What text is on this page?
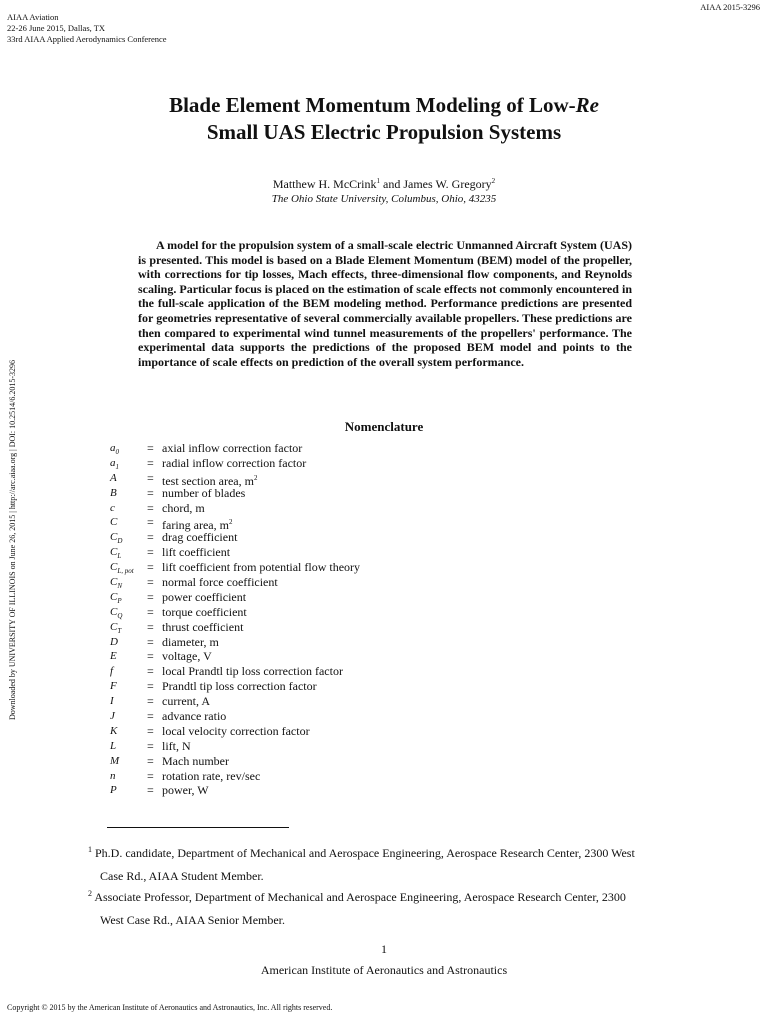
AIAA Aviation
22-26 June 2015, Dallas, TX
33rd AIAA Applied Aerodynamics Conference
AIAA 2015-3296
Downloaded by UNIVERSITY OF ILLINOIS on June 26, 2015 | http://arc.aiaa.org | DOI: 10.2514/6.2015-3296
Blade Element Momentum Modeling of Low-Re
Small UAS Electric Propulsion Systems
Matthew H. McCrink$^1$ and James W. Gregory$^2$
The Ohio State University, Columbus, Ohio, 43235
A model for the propulsion system of a small-scale electric Unmanned Aircraft System (UAS) is presented. This model is based on a Blade Element Momentum (BEM) model of the propeller, with corrections for tip losses, Mach effects, three-dimensional flow components, and Reynolds scaling. Particular focus is placed on the estimation of scale effects not commonly encountered in the full-scale application of the BEM modeling method. Performance predictions are presented for geometries representative of several commercially available propellers. These predictions are then compared to experimental wind tunnel measurements of the propellers' performance. The experimental data supports the predictions of the proposed BEM model and points to the importance of scale effects on prediction of the overall system performance.
Nomenclature
$a_0$	= axial inflow correction factor
$a_1$	= radial inflow correction factor
A	= test section area, $m^2$
B	= number of blades
c	= chord, m
C	= faring area, $m^2$
$C_D$	= drag coefficient
$C_L$	= lift coefficient
$C_{L, pot}$	= lift coefficient from potential flow theory
$C_N$	= normal force coefficient
$C_P$	= power coefficient
$C_Q$	= torque coefficient
$C_T$	= thrust coefficient
D	= diameter, m
E	= voltage, V
f	= local Prandtl tip loss correction factor
F	= Prandtl tip loss correction factor
I	= current, A
J	= advance ratio
K	= local velocity correction factor
L	= lift, N
M	= Mach number
n	= rotation rate, rev/sec
P	= power, W
$^1$ Ph.D. candidate, Department of Mechanical and Aerospace Engineering, Aerospace Research Center, 2300 West
Case Rd., AIAA Student Member.
$^2$ Associate Professor, Department of Mechanical and Aerospace Engineering, Aerospace Research Center, 2300
West Case Rd., AIAA Senior Member.
1
American Institute of Aeronautics and Astronautics
Copyright © 2015 by the American Institute of Aeronautics and Astronautics, Inc. All rights reserved.
